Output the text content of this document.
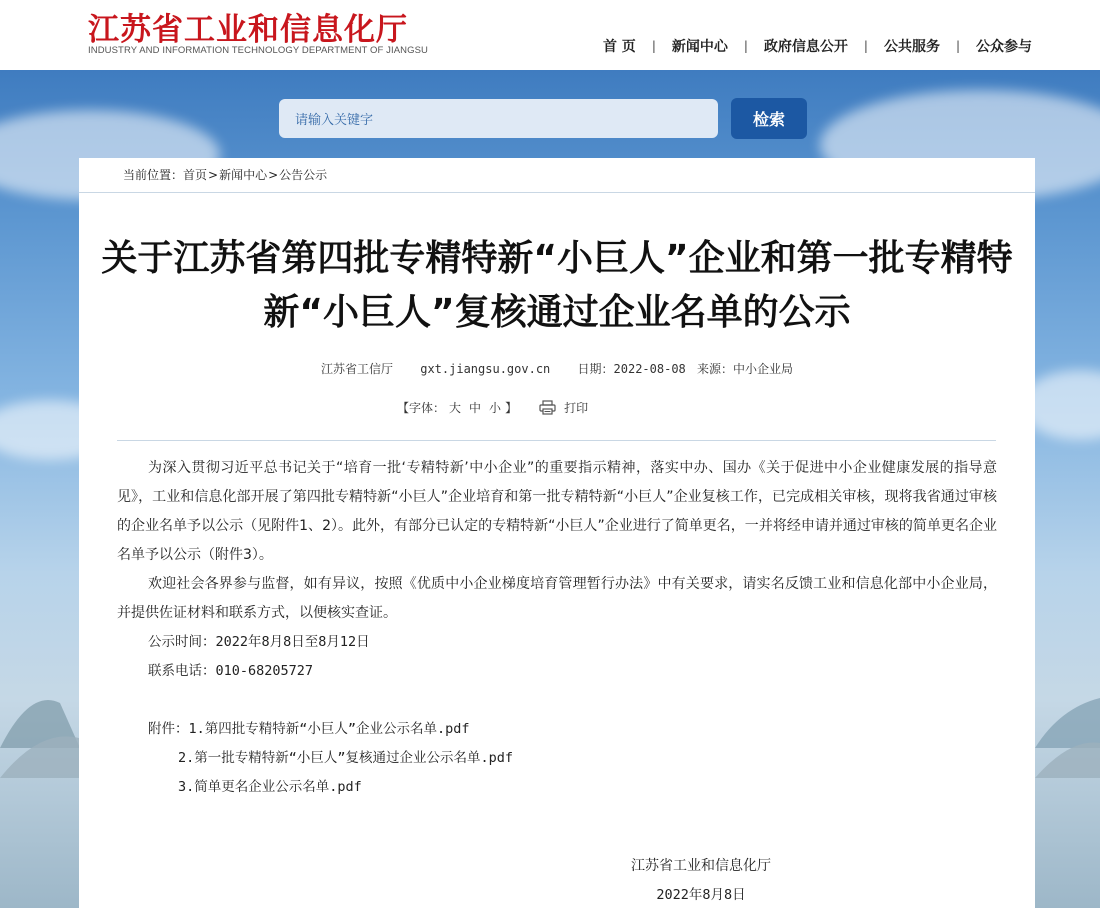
江苏省工业和信息化厅
INDUSTRY AND INFORMATION TECHNOLOGY DEPARTMENT OF JIANGSU	首 页 | 新闻中心 | 政府信息公开 | 公共服务 | 公众参与
请输入关键字	检索
当前位置： 首页 > 新闻中心 > 公告公示
关于江苏省第四批专精特新“小巨人”企业和第一批专精特新“小巨人”复核通过企业名单的公示
江苏省工信厅 gxt.jiangsu.gov.cn 日期：2022-08-08 来源：中小企业局
【字体： 大 中 小 】	打印

为深入贯彻习近平总书记关于“培育一批‘专精特新’中小企业”的重要指示精神，落实中办、国办《关于促进中小企业健康发展的指导意见》，工业和信息化部开展了第四批专精特新“小巨人”企业培育和第一批专精特新“小巨人”企业复核工作，已完成相关审核，现将我省通过审核的企业名单予以公示（见附件1、2）。此外，有部分已认定的专精特新“小巨人”企业进行了简单更名，一并将经申请并通过审核的简单更名企业名单予以公示（附件3）。

欢迎社会各界参与监督，如有异议，按照《优质中小企业梯度培育管理暂行办法》中有关要求，请实名反馈工业和信息化部中小企业局，并提供佐证材料和联系方式，以便核实查证。

公示时间：2022年8月8日至8月12日
联系电话：010-68205727
附件：1.第四批专精特新“小巨人”企业公示名单.pdf
2.第一批专精特新“小巨人”复核通过企业公示名单.pdf
3.简单更名企业公示名单.pdf
江苏省工业和信息化厅
2022年8月8日
